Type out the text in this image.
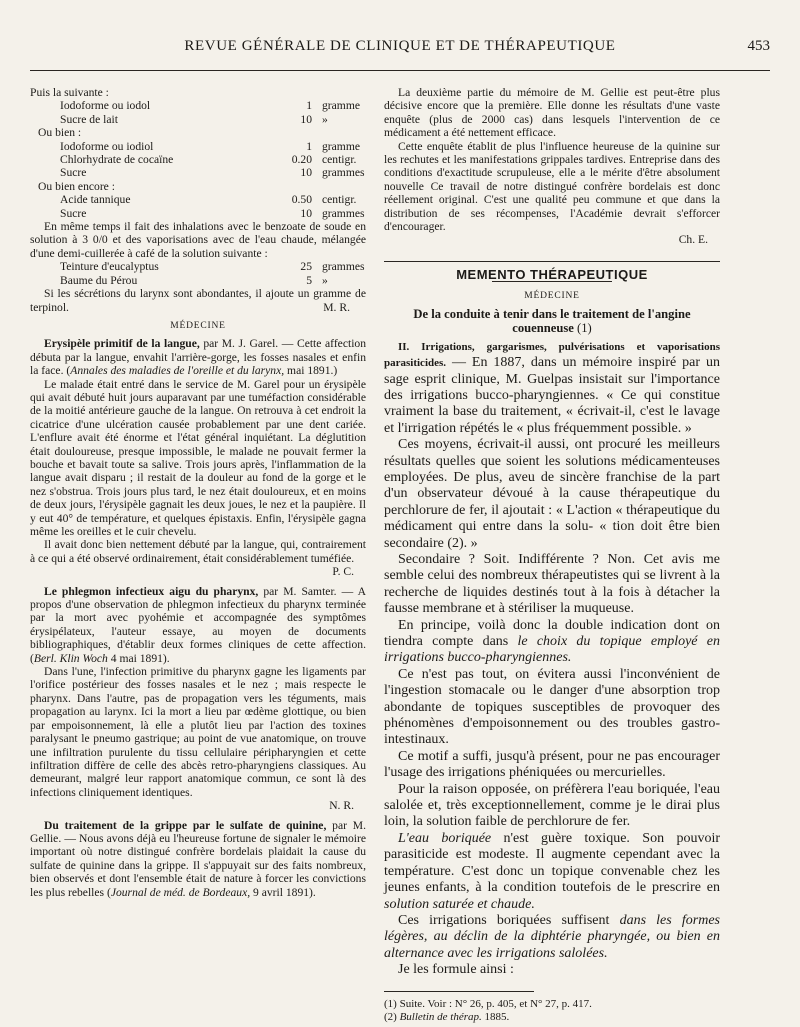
REVUE GÉNÉRALE DE CLINIQUE ET DE THÉRAPEUTIQUE	453

Puis la suivante :

Iodoforme ou iodol	1 gramme
Sucre de lait	10 »

Ou bien :

Iodoforme ou iodiol	1 gramme
Chlorhydrate de cocaïne	0.20 centigr.
Sucre	10 grammes

Ou bien encore :

Acide tannique	0.50 centigr.
Sucre	10 grammes

En même temps il fait des inhalations avec le benzoate de soude en solution à 3 0/0 et des vaporisations avec de l'eau chaude, mélangée d'une demi-cuillerée à café de la solution suivante :

Teinture d'eucalyptus	25 grammes
Baume du Pérou	5 »

Si les sécrétions du larynx sont abondantes, il ajoute un gramme de terpinol.	M. R.

MÉDECINE

Erysipèle primitif de la langue, par M. J. Garel. — Cette affection débuta par la langue, envahit l'arrière-gorge, les fosses nasales et enfin la face. (Annales des maladies de l'oreille et du larynx, mai 1891.)

Le malade était entré dans le service de M. Garel pour un érysipèle qui avait débuté huit jours auparavant par une tuméfaction considérable de la moitié antérieure gauche de la langue. On retrouva à cet endroit la cicatrice d'une ulcération causée probablement par une dent cariée. L'enflure avait été énorme et l'état général inquiétant. La déglutition était douloureuse, presque impossible, le malade ne pouvait fermer la bouche et bavait toute sa salive. Trois jours après, l'inflammation de la langue avait disparu ; il restait de la douleur au fond de la gorge et le nez s'obstrua. Trois jours plus tard, le nez était douloureux, et en moins de deux jours, l'érysipèle gagnait les deux joues, le nez et la paupière. Il y eut 40° de température, et quelques épistaxis. Enfin, l'érysipèle gagna même les oreilles et le cuir chevelu.

Il avait donc bien nettement débuté par la langue, qui, contrairement à ce qui a été observé ordinairement, était considérablement tuméfiée.

P. C.

Le phlegmon infectieux aigu du pharynx, par M. Samter. — A propos d'une observation de phlegmon infectieux du pharynx terminée par la mort avec pyohémie et accompagnée des symptômes érysipélateux, l'auteur essaye, au moyen de documents bibliographiques, d'établir deux formes cliniques de cette affection. (Berl. Klin Woch 4 mai 1891).

Dans l'une, l'infection primitive du pharynx gagne les ligaments par l'orifice postérieur des fosses nasales et le nez ; mais respecte le pharynx. Dans l'autre, pas de propagation vers les téguments, mais propagation au larynx. Ici la mort a lieu par œdème glottique, ou bien par empoisonnement, là elle a plutôt lieu par l'action des toxines paralysant le pneumo gastrique; au point de vue anatomique, on trouve une infiltration purulente du tissu cellulaire péripharyngien et cette infiltration diffère de celle des abcès retro-pharyngiens classiques. Au demeurant, malgré leur rapport anatomique commun, ce sont là des infections cliniquement identiques.

N. R.

Du traitement de la grippe par le sulfate de quinine, par M. Gellie. — Nous avons déjà eu l'heureuse fortune de signaler le mémoire important où notre distingué confrère bordelais plaidait la cause du sulfate de quinine dans la grippe. Il s'appuyait sur des faits nombreux, bien observés et dont l'ensemble était de nature à forcer les convictions les plus rebelles (Journal de méd. de Bordeaux, 9 avril 1891).

La deuxième partie du mémoire de M. Gellie est peut-être plus décisive encore que la première. Elle donne les résultats d'une vaste enquête (plus de 2000 cas) dans lesquels l'intervention de ce médicament a été nettement efficace.

Cette enquête établit de plus l'influence heureuse de la quinine sur les rechutes et les manifestations grippales tardives. Entreprise dans des conditions d'exactitude scrupuleuse, elle a le mérite d'être absolument nouvelle Ce travail de notre distingué confrère bordelais est donc réellement original. C'est une qualité peu commune et que dans la distribution de ses récompenses, l'Académie devrait s'efforcer d'encourager.

Ch. E.

MEMENTO THÉRAPEUTIQUE

MÉDECINE

De la conduite à tenir dans le traitement de l'angine couenneuse (1)

II. Irrigations, gargarismes, pulvérisations et vaporisations parasiticides. — En 1887, dans un mémoire inspiré par un sage esprit clinique, M. Guelpas insistait sur l'importance des irrigations bucco-pharyngiennes. « Ce qui constitue vraiment la base du traitement, « écrivait-il, c'est le lavage et l'irrigation répétés le « plus fréquemment possible. »

Ces moyens, écrivait-il aussi, ont procuré les meilleurs résultats quelles que soient les solutions médicamenteuses employées. De plus, aveu de sincère franchise de la part d'un observateur dévoué à la cause thérapeutique du perchlorure de fer, il ajoutait : « L'action « thérapeutique du médicament qui entre dans la solu- « tion doit être bien secondaire (2). »

Secondaire ? Soit. Indifférente ? Non. Cet avis me semble celui des nombreux thérapeutistes qui se livrent à la recherche de liquides destinés tout à la fois à détacher la fausse membrane et à stériliser la muqueuse.

En principe, voilà donc la double indication dont on tiendra compte dans le choix du topique employé en irrigations bucco-pharyngiennes.

Ce n'est pas tout, on évitera aussi l'inconvénient de l'ingestion stomacale ou le danger d'une absorption trop abondante de topiques susceptibles de provoquer des phénomènes d'empoisonnement ou des troubles gastro-intestinaux.

Ce motif a suffi, jusqu'à présent, pour ne pas encourager l'usage des irrigations phéniquées ou mercurielles.

Pour la raison opposée, on préfèrera l'eau boriquée, l'eau salolée et, très exceptionnellement, comme je le dirai plus loin, la solution faible de perchlorure de fer.

L'eau boriquée n'est guère toxique. Son pouvoir parasiticide est modeste. Il augmente cependant avec la température. C'est donc un topique convenable chez les jeunes enfants, à la condition toutefois de le prescrire en solution saturée et chaude.

Ces irrigations boriquées suffisent dans les formes légères, au déclin de la diphtérie pharyngée, ou bien en alternance avec les irrigations salolées.

Je les formule ainsi :

(1) Suite. Voir : N° 26, p. 405, et N° 27, p. 417.

(2) Bulletin de thérap. 1885.
